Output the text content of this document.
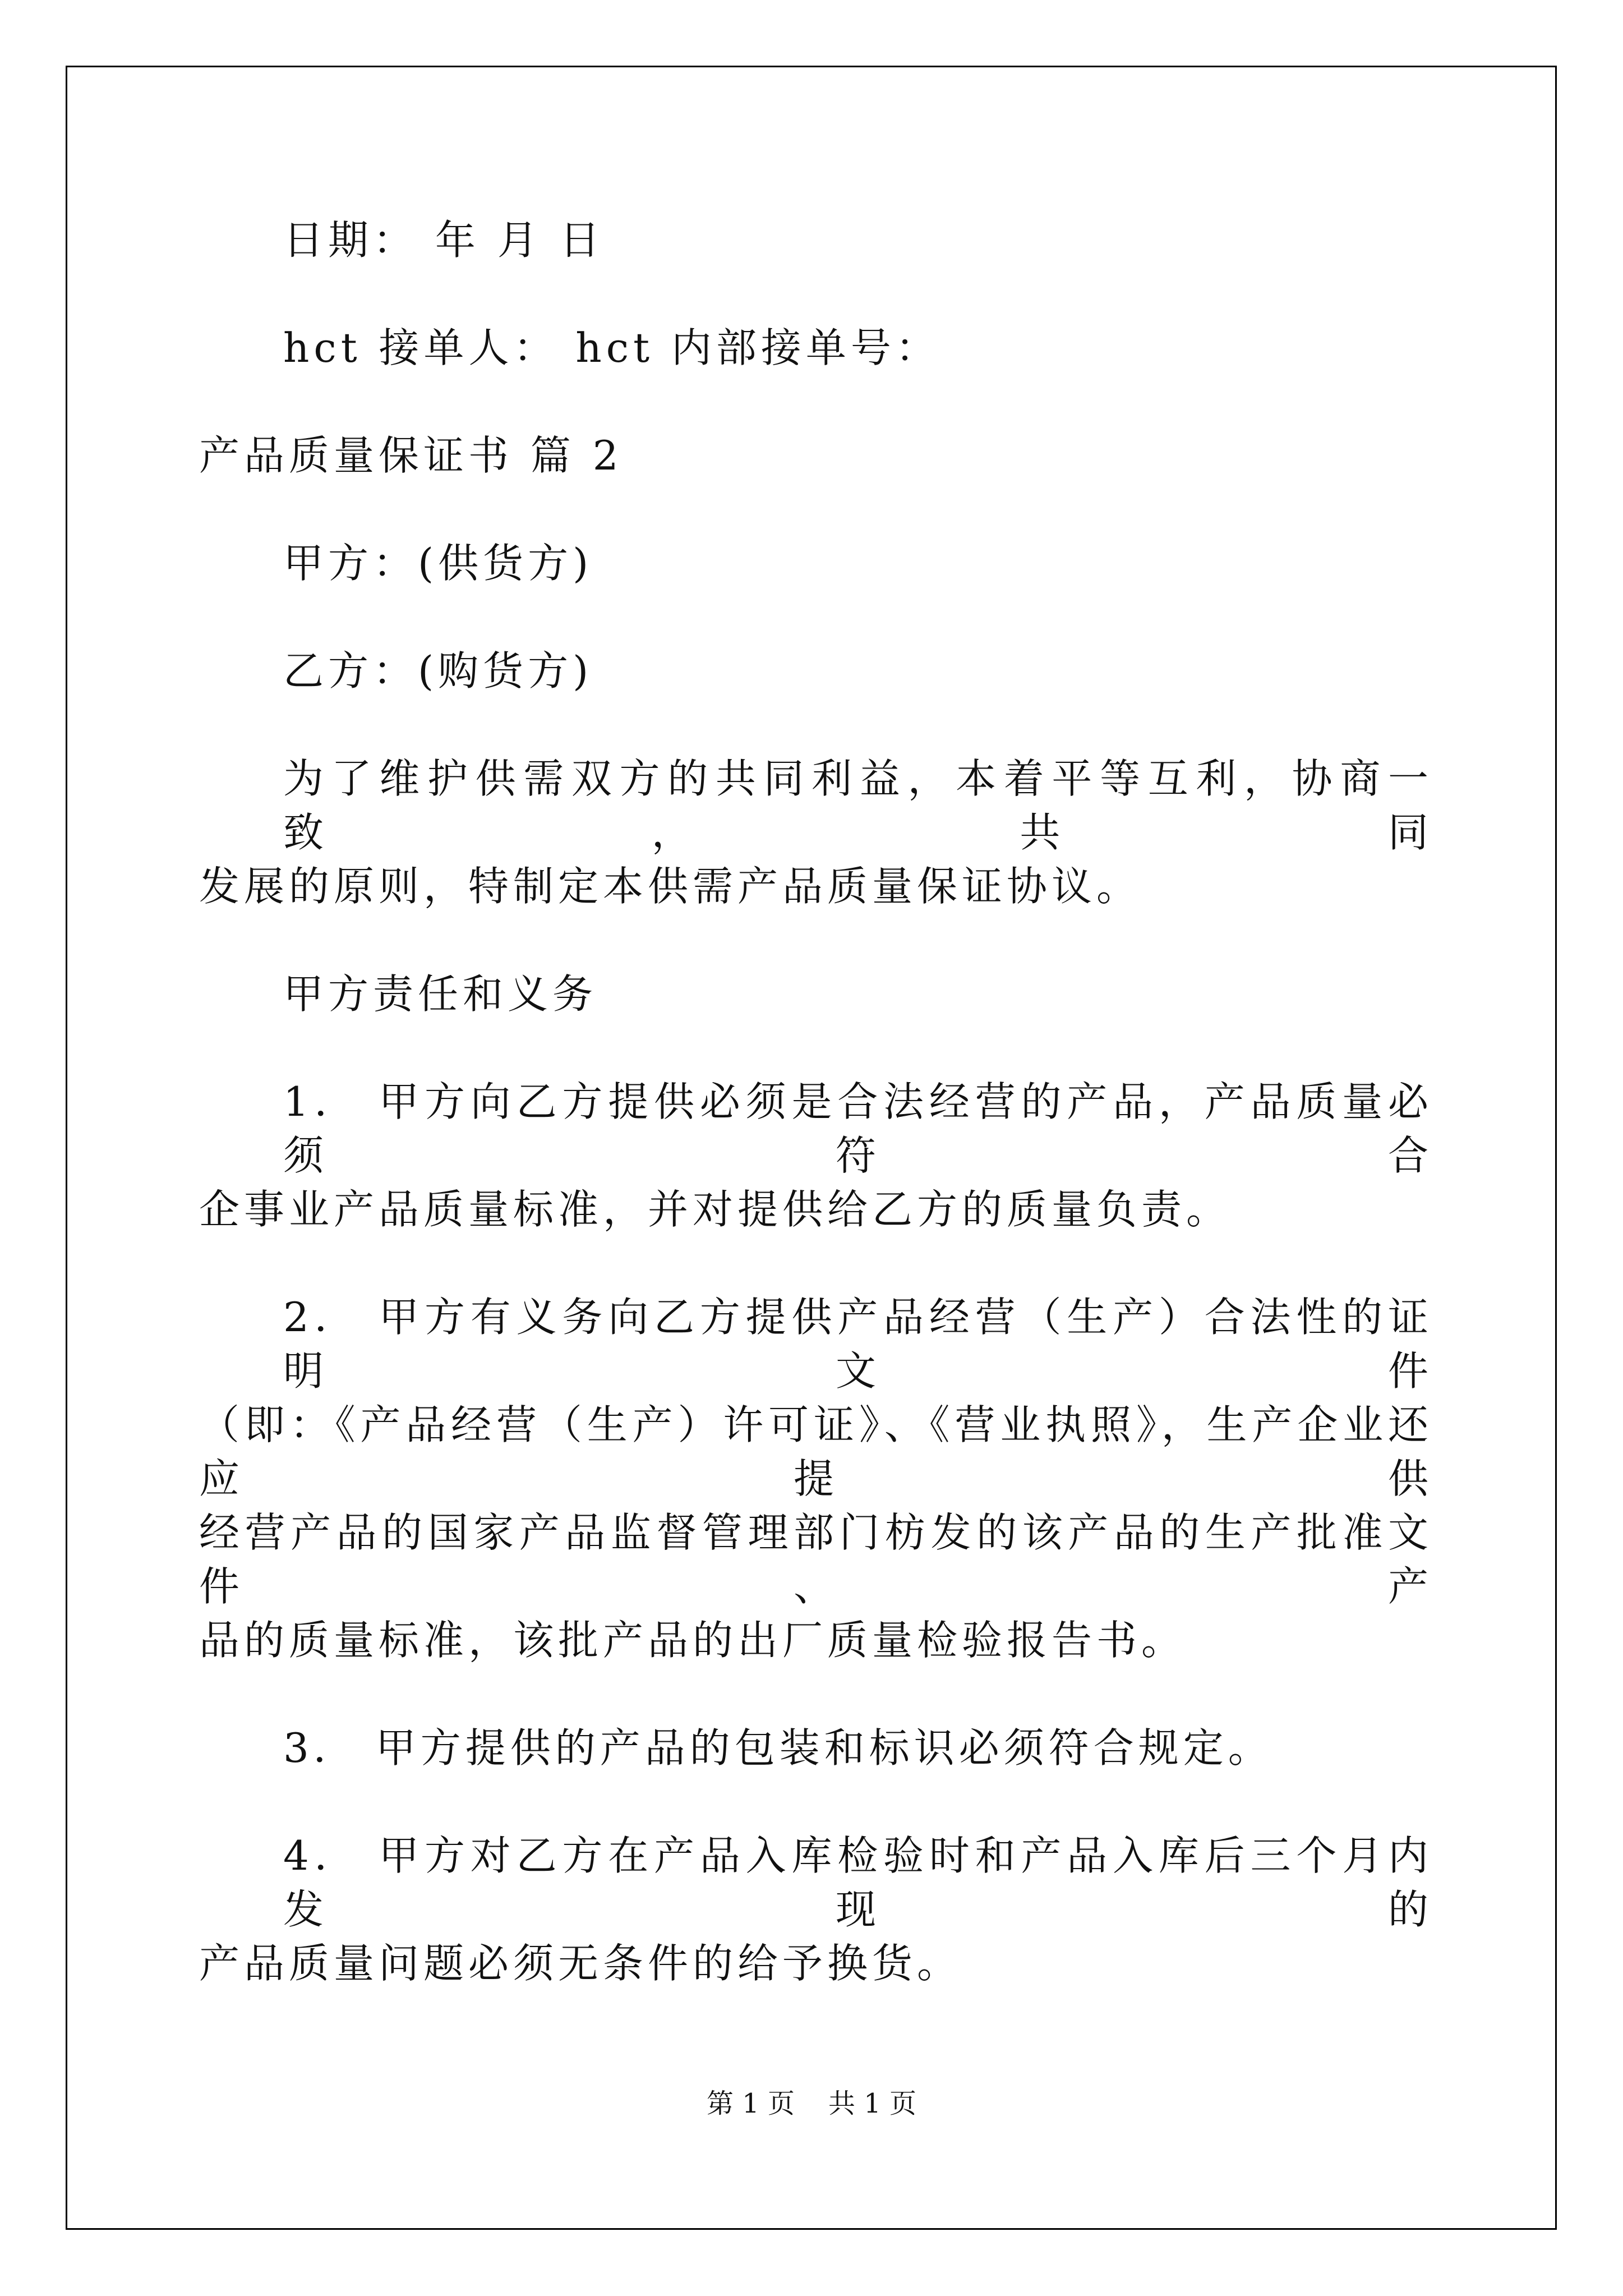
日期： 年 月 日
hct 接单人： hct 内部接单号：
产品质量保证书 篇 2
甲方：(供货方)
乙方：(购货方)
为了维护供需双方的共同利益，本着平等互利，协商一致，共同
发展的原则，特制定本供需产品质量保证协议。
甲方责任和义务
1． 甲方向乙方提供必须是合法经营的产品，产品质量必须符合
企事业产品质量标准，并对提供给乙方的质量负责。
2． 甲方有义务向乙方提供产品经营（生产）合法性的证明文件
（即：《产品经营（生产）许可证》、《营业执照》，生产企业还应提供
经营产品的国家产品监督管理部门枋发的该产品的生产批准文件、产
品的质量标准，该批产品的出厂质量检验报告书。
3． 甲方提供的产品的包装和标识必须符合规定。
4． 甲方对乙方在产品入库检验时和产品入库后三个月内发现的
产品质量问题必须无条件的给予换货。
第 1 页 共 1 页
